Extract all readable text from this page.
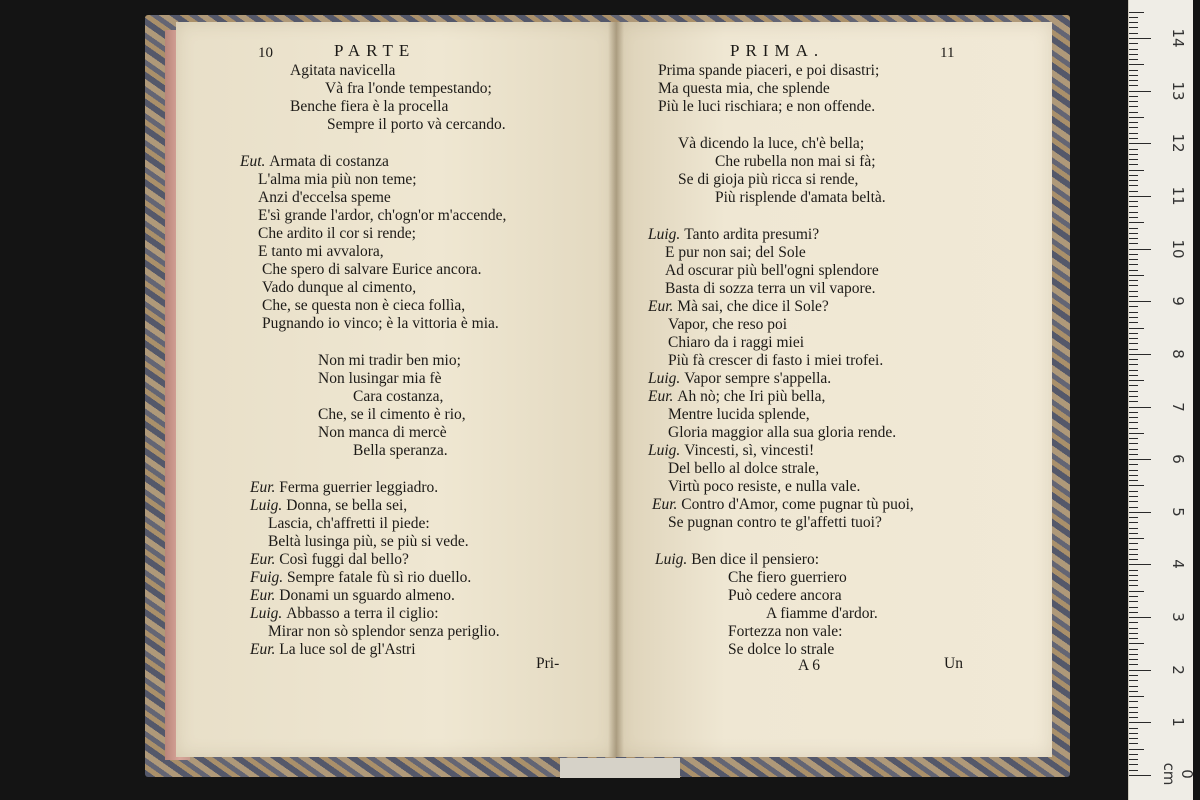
10	PARTE
Pri-
PRIMA.	11
A 6	Un
Agitata navicella
Và fra l'onde tempestando;
Benche fiera è la procella
Sempre il porto và cercando.
Eut. Armata di costanza
L'alma mia più non teme;
Anzi d'eccelsa speme
E'sì grande l'ardor, ch'ogn'or m'accende,
Che ardito il cor si rende;
E tanto mi avvalora,
Che spero di salvare Eurice ancora.
Vado dunque al cimento,
Che, se questa non è cieca follìa,
Pugnando io vinco; è la vittoria è mia.
Non mi tradir ben mio;
Non lusingar mia fè
Cara costanza,
Che, se il cimento è rio,
Non manca di mercè
Bella speranza.
Eur. Ferma guerrier leggiadro.
Luig. Donna, se bella sei,
Lascia, ch'affretti il piede:
Beltà lusinga più, se più si vede.
Eur. Così fuggi dal bello?
Fuig. Sempre fatale fù sì rio duello.
Eur. Donami un sguardo almeno.
Luig. Abbasso a terra il ciglio:
Mirar non sò splendor senza periglio.
Eur. La luce sol de gl'Astri
Prima spande piaceri, e poi disastri;
Ma questa mia, che splende
Più le luci rischiara; e non offende.
Và dicendo la luce, ch'è bella;
Che rubella non mai si fà;
Se di gioja più ricca si rende,
Più risplende d'amata beltà.
Luig. Tanto ardita presumi?
E pur non sai; del Sole
Ad oscurar più bell'ogni splendore
Basta di sozza terra un vil vapore.
Eur. Mà sai, che dice il Sole?
Vapor, che reso poi
Chiaro da i raggi miei
Più fà crescer di fasto i miei trofei.
Luig. Vapor sempre s'appella.
Eur. Ah nò; che Iri più bella,
Mentre lucida splende,
Gloria maggior alla sua gloria rende.
Luig. Vincesti, sì, vincesti!
Del bello al dolce strale,
Virtù poco resiste, e nulla vale.
Eur. Contro d'Amor, come pugnar tù puoi,
Se pugnan contro te gl'affetti tuoi?
Luig. Ben dice il pensiero:
Che fiero guerriero
Può cedere ancora
A fiamme d'ardor.
Fortezza non vale:
Se dolce lo strale
0 cm
1
2
3
4
5
6
7
8
9
10
11
12
13
14
